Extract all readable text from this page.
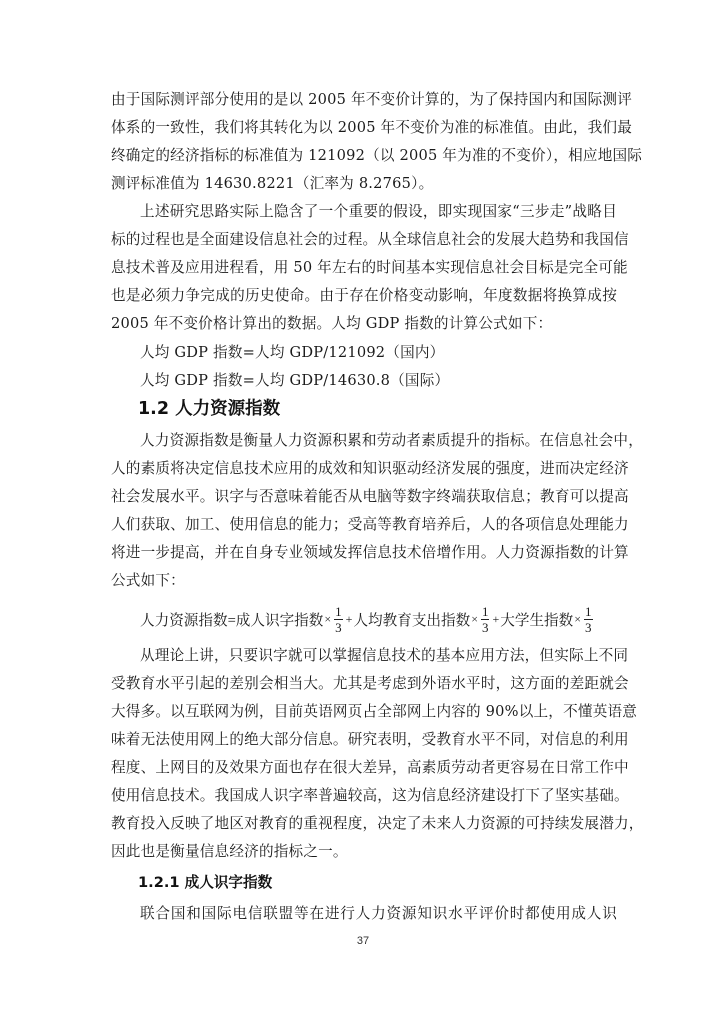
由于国际测评部分使用的是以 2005 年不变价计算的，为了保持国内和国际测评
体系的一致性，我们将其转化为以 2005 年不变价为准的标准值。由此，我们最
终确定的经济指标的标准值为 121092（以 2005 年为准的不变价），相应地国际
测评标准值为 14630.8221（汇率为 8.2765）。
上述研究思路实际上隐含了一个重要的假设，即实现国家“三步走”战略目
标的过程也是全面建设信息社会的过程。从全球信息社会的发展大趋势和我国信
息技术普及应用进程看，用 50 年左右的时间基本实现信息社会目标是完全可能
也是必须力争完成的历史使命。由于存在价格变动影响，年度数据将换算成按
2005 年不变价格计算出的数据。人均 GDP 指数的计算公式如下：
人均 GDP 指数=人均 GDP/121092（国内）
人均 GDP 指数=人均 GDP/14630.8（国际）
1.2 人力资源指数
人力资源指数是衡量人力资源积累和劳动者素质提升的指标。在信息社会中，
人的素质将决定信息技术应用的成效和知识驱动经济发展的强度，进而决定经济
社会发展水平。识字与否意味着能否从电脑等数字终端获取信息；教育可以提高
人们获取、加工、使用信息的能力；受高等教育培养后，人的各项信息处理能力
将进一步提高，并在自身专业领域发挥信息技术倍增作用。人力资源指数的计算
公式如下：
人力资源指数= 成人识字指数 × $\frac{1}{3}$ + 人均教育支出指数 × $\frac{1}{3}$ + 大学生指数 × $\frac{1}{3}$
从理论上讲，只要识字就可以掌握信息技术的基本应用方法，但实际上不同
受教育水平引起的差别会相当大。尤其是考虑到外语水平时，这方面的差距就会
大得多。以互联网为例，目前英语网页占全部网上内容的 90%以上，不懂英语意
味着无法使用网上的绝大部分信息。研究表明，受教育水平不同，对信息的利用
程度、上网目的及效果方面也存在很大差异，高素质劳动者更容易在日常工作中
使用信息技术。我国成人识字率普遍较高，这为信息经济建设打下了坚实基础。
教育投入反映了地区对教育的重视程度，决定了未来人力资源的可持续发展潜力，
因此也是衡量信息经济的指标之一。
1.2.1 成人识字指数
联合国和国际电信联盟等在进行人力资源知识水平评价时都使用成人识
37
